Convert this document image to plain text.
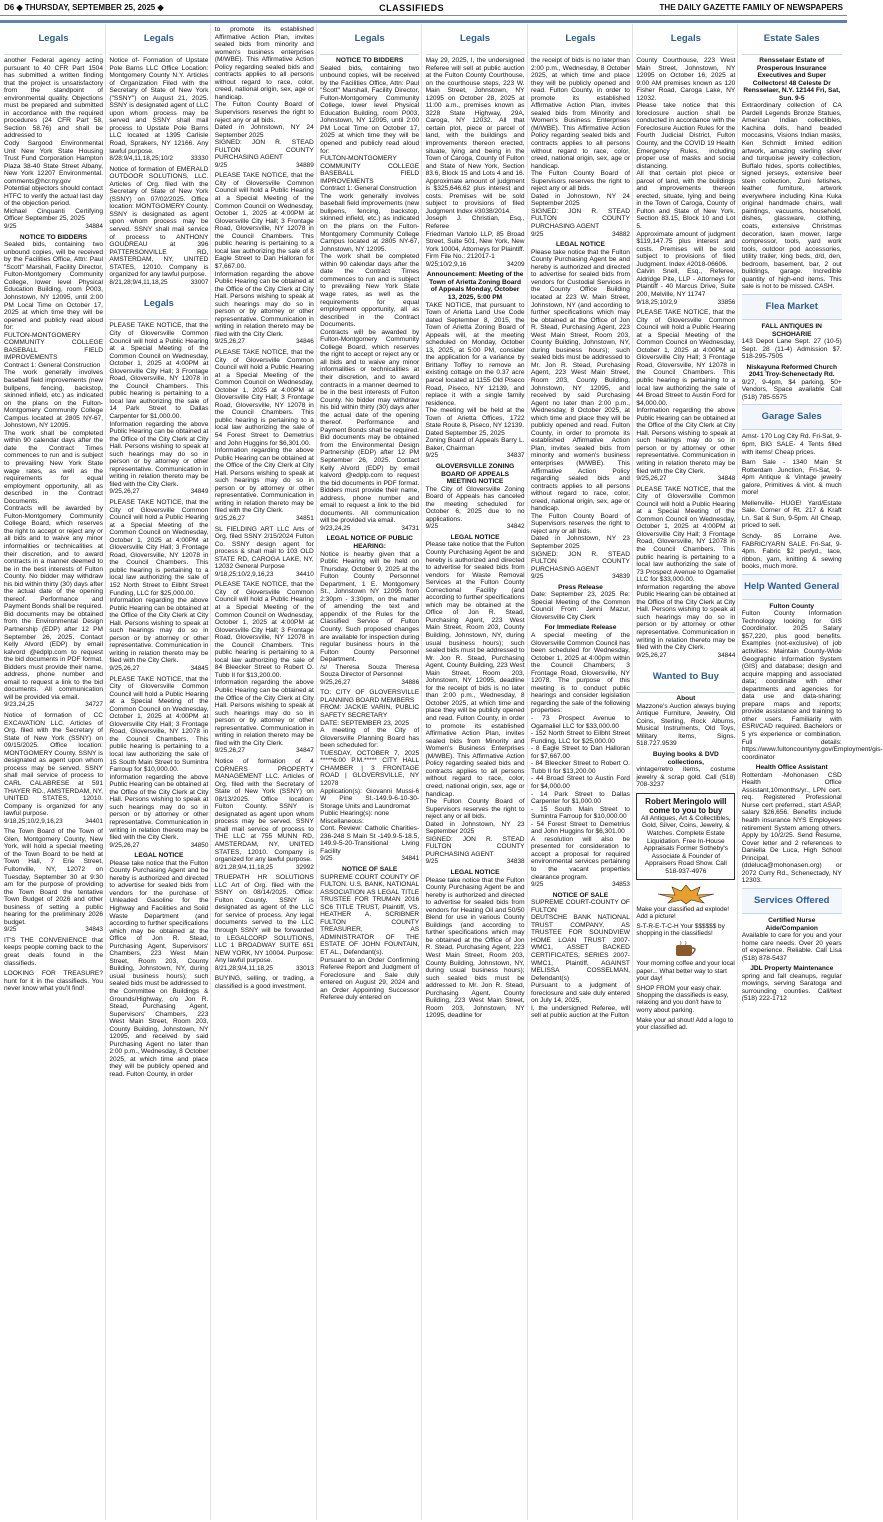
D6 ◆ THURSDAY, SEPTEMBER 25, 2025 ◆	CLASSIFIEDS	THE DAILY GAZETTE FAMILY OF NEWSPAPERS
Legals
another Federal agency acting pursuant to 40 CFR Part 1504 has submitted a written finding that the project is unsatisfactory from the standpoint of environmental quality. Objections must be prepared and submitted in accordance with the required procedures (24 CFR Part 58, Section 58.76) and shall be addressed to
Cody Sargood Environmental Unit New York State Housing Trust Fund Corporation Hampton Plaza 38-40 State Street Albany, New York 12207 Environmental. comments@hcr.ny.gov
Potential objectors should contact HTFC to verify the actual last day of the objection period.
Michael Cinquanti Certifying Officer September 25, 2025
9/25	34884
NOTICE TO BIDDERS
Sealed bids, containing two unbound copies, will be received by the Facilities Office, Attn: Paul "Scott" Marshall, Facility Director, Fulton-Montgomery Community College, lower level Physical Education Building, room P003, Johnstown, NY 12095, until 2:00 PM Local Time on October 17, 2025 at which time they will be opened and publicly read aloud for:
FULTON-MONTGOMERY COMMUNITY COLLEGE BASEBALL FIELD IMPROVEMENTS
Contract 1: General Construction
The work generally involves baseball field improvements (new bullpens, fencing, backstop, skinned infield, etc.) as indicated on the plans on the Fulton-Montgomery Community College Campus located at 2805 NY-67, Johnstown, NY 12095.
The work shall be completed within 90 calendar days after the date the Contract Times commences to run and is subject to prevailing New York State wage rates, as well as the requirements for equal employment opportunity, all as described in the Contract Documents.
Contracts will be awarded by Fulton-Montgomery Community College Board, which reserves the right to accept or reject any or all bids and to waive any minor informalities or technicalities at their discretion, and to award contracts in a manner deemed to be in the best interests of Fulton County. No bidder may withdraw his bid within thirty (30) days after the actual date of the opening thereof. Performance and Payment Bonds shall be required.
Bid documents may be obtained from the Environmental Design Partnership (EDP) after 12 PM September 26, 2025. Contact Kelly Alvord (EDP) by email kalvord @edplp.com to request the bid documents in PDF format. Bidders must provide their name, address, phone number and email to request a link to the bid documents. All communication will be provided via email.
9/23,24,25	34727
Notice of formation of CC EXCAVATION LLC. Articles of Org. filed with the Secretary of State of New York (SSNY) on 09/15/2025. Office location: MONTGOMERY County. SSNY is designated as agent upon whom process may be served. SSNY shall mail service of process to CARL CALABRESE at 591 THAYER RD., AMSTERDAM, NY, UNITED STATES, 12010. Company is organized for any lawful purpose.
9/18,25;10/2,9,16,23	34401
The Town Board of the Town of Glen, Montgomery County, New York, will hold a special meeting of the Town Board to be held at Town Hall, 7 Erie Street, Fultonville, NY, 12072 on Tuesday, September 30 at 9:30 am for the purpose of providing the Town Board the tentative Town Budget of 2026 and other business of setting a public hearing for the preliminary 2026 budget.
9/25	34843
IT'S THE CONVENIENCE that keeps people coming back to the great deals found in the classifieds.
LOOKING FOR TREASURE? hunt for it in the classifieds. You never know what you'll find!
Legals
Notice of- Formation of Upstate Pole Barns LLC Office Location: Montgomery County N.Y. Articles of Organization Filed with the Secretary of State of New York ("SSNY") on August 21, 2025. SSNY is designated agent of LLC upon whom process may be served and SSNY shall mail process to Upstate Pole Barns LLC located at 1395 Carlisle Road, Sprakers, NY 12166. Any lawful purpose.
8/28;9/4,11,18,25;10/2	33330
Notice of formation of EMERALD OUTDOOR SOLUTIONS, LLC. Articles of Org. filed with the Secretary of State of New York (SSNY) on 07/02/2025. Office location: MONTGOMERY County. SSNY is designated as agent upon whom process may be served. SSNY shall mail service of process to ANTHONY GOUDREAU at 396 PATTERSONVILLE RD, AMSTERDAM, NY, UNITED STATES, 12010. Company is organized for any lawful purpose.
8/21,28;9/4,11,18,25	33007
Legals
PLEASE TAKE NOTICE, that the City of Gloversville Common Council will hold a Public Hearing at a Special Meeting of the Common Council on Wednesday, October 1, 2025 at 4:00PM at Gloversville City Hall; 3 Frontage Road, Gloversville, NY 12078 in the Council Chambers. This public hearing is pertaining to a local law authorizing the sale of 14 Park Street to Dallas Carpenter for $1,000.00.
Information regarding the above Public Hearing can be obtained at the Office of the City Clerk at City Hall. Persons wishing to speak at such hearings may do so in person or by attorney or other representative. Communication in writing in relation thereto may be filed with the City Clerk.
9/25,26,27	34849
PLEASE TAKE NOTICE, that the City of Gloversville Common Council will hold a Public Hearing at a Special Meeting of the Common Council on Wednesday, October 1, 2025 at 4:00PM at Gloversville City Hall; 3 Frontage Road, Gloversville, NY 12078 in the Council Chambers. This public hearing is pertaining to a local law authorizing the sale of 152 North Street to Eilbht Street Funding, LLC for $25,000.00.
Information regarding the above Public Hearing can be obtained at the Office of the City Clerk at City Hall. Persons wishing to speak at such hearings may do so in person or by attorney or other representative. Communication in writing in relation thereto may be filed with the City Clerk.
9/25,26,27	34845
PLEASE TAKE NOTICE, that the City of Gloversville Common Council will hold a Public Hearing at a Special Meeting of the Common Council on Wednesday, October 1, 2025 at 4:00PM at Gloversville City Hall; 3 Frontage Road, Gloversville, NY 12078 in the Council Chambers. This public hearing is pertaining to a local law authorizing the sale of 15 South Main Street to Sumintra Farroup for $10,000.00.
Information regarding the above Public Hearing can be obtained at the Office of the City Clerk at City Hall. Persons wishing to speak at such hearings may do so in person or by attorney or other representative. Communication in writing in relation thereto may be filed with the City Clerk.
9/25,26,27	34850
LEGAL NOTICE
Please take notice that the Fulton County Purchasing Agent and be hereby is authorized and directed to advertise for sealed bids from vendors for the purchase of Unleaded Gasoline for the Highway and Facilities and Solid Waste Department (and according to further specifications which may be obtained at the Office of Jon R. Stead, Purchasing Agent, Supervisors' Chambers, 223 West Main Street, Room 203, County Building, Johnstown, NY, during usual business hours); such sealed bids must be addressed to the Committee on Buildings & Grounds/Highway, c/o Jon R. Stead, Purchasing Agent, Supervisors' Chambers, 223 West Main Street, Room 203, County Building, Johnstown, NY 12095, and received by said Purchasing Agent no later than 2:00 p.m., Wednesday, 8 October 2025, at which time and place they will be publicly opened and read. Fulton County, in order
to promote its established Affirmative Action Plan, invites sealed bids from minority and women's business enterprises (M/WBE). This Affirmative Action Policy regarding sealed bids and contracts applies to all persons without regard to race, color, creed, national origin, sex, age or handicap.
The Fulton County Board of Supervisors reserves the right to reject any or all bids.
Dated in Johnstown, NY 24 September 2025
SIGNED: JON R. STEAD FULTON COUNTY PURCHASING AGENT
9/25	34889
PLEASE TAKE NOTICE, that the City of Gloversville Common Council will hold a Public Hearing at a Special Meeting of the Common Council on Wednesday, October 1, 2025 at 4:00PM at Gloversville City Hall; 3 Frontage Road, Gloversville, NY 12078 in the Council Chambers. This public hearing is pertaining to a local law authorizing the sale of 8 Eagle Street to Dan Halloran for $7,667.00.
Information regarding the above Public Hearing can be obtained at the Office of the City Clerk at City Hall. Persons wishing to speak at such hearings may do so in person or by attorney or other representative. Communication in writing in relation thereto may be filed with the City Clerk.
9/25,26,27	34846
PLEASE TAKE NOTICE, that the City of Gloversville Common Council will hold a Public Hearing at a Special Meeting of the Common Council on Wednesday, October 1, 2025 at 4:00PM at Gloversville City Hall; 3 Frontage Road, Gloversville, NY 12078 in the Council Chambers. This public hearing is pertaining to a local law authorizing the sale of 54 Forest Street to Demetrius and John Huggins for $6,301.00.
Information regarding the above Public Hearing can be obtained at the Office of the City Clerk at City Hall. Persons wishing to speak at such hearings may do so in person or by attorney or other representative. Communication in writing in relation thereto may be filed with the City Clerk.
9/25,26,27	34851
SL FIELDING ART LLC Arts of Org. filed SSNY 2/15/2024 Fulton Co. SSNY design agent for process & shall mail to 103 OLD STATE RD, CAROGA LAKE, NY, 12032 General Purpose
9/18,25;10/2,9,16,23	34410
PLEASE TAKE NOTICE, that the City of Gloversville Common Council will hold a Public Hearing at a Special Meeting of the Common Council on Wednesday, October 1, 2025 at 4:00PM at Gloversville City Hall; 3 Frontage Road, Gloversville, NY 12078 in the Council Chambers. This public hearing is pertaining to a local law authorizing the sale of 84 Bleecker Street to Robert O. Tubb II for $13,200.00.
Information regarding the above Public Hearing can be obtained at the Office of the City Clerk at City Hall. Persons wishing to speak at such hearings may do so in person or by attorney or other representative. Communication in writing in relation thereto may be filed with the City Clerk.
9/25,26,27	34847
Notice of formation of 4 CORNERS PROPERTY MANAGEMENT LLC. Articles of Org. filed with the Secretary of State of New York (SSNY) on 08/13/2025. Office location: Fulton County. SSNY is designated as agent upon whom process may be served. SSNY shall mail service of process to THE LLC at 755 MUNN RD, AMSTERDAM, NY, UNITED STATES, 12010. Company is organized for any lawful purpose.
8/21,28;9/4,11,18,25	32992
TRUEPATH HR SOLUTIONS LLC Art of Org. filed with the SSNY on 08/14/2025. Office: Fulton County. SSNY is designated as agent of the LLC for service of process. Any legal documents served to the LLC through SSNY will be forwarded to LEGALCORP SOLUTIONS, LLC 1 BROADWAY SUITE 651 NEW YORK, NY 10004. Purpose: Any lawful purpose.
8/21,28;9/4,11,18,25	33013
BUYING, selling, or trading, a classified is a good investment.
Legals
NOTICE TO BIDDERS
Sealed bids, containing two unbound copies, will be received by the Facilities Office, Attn: Paul "Scott" Marshall, Facility Director, Fulton-Montgomery Community College, lower level Physical Education Building, room P003, Johnstown, NY 12095, until 2:00 PM Local Time on October 17, 2025 at which time they will be opened and publicly read aloud for:
FULTON-MONTGOMERY COMMUNITY COLLEGE BASEBALL FIELD IMPROVEMENTS
Contract 1: General Construction
The work generally involves baseball field improvements (new bullpens, fencing, backstop, skinned infield, etc.) as indicated on the plans on the Fulton-Montgomery Community College Campus located at 2805 NY-67, Johnstown, NY 12095.
The work shall be completed within 90 calendar days after the date the Contract Times commences to run and is subject to prevailing New York State wage rates, as well as the requirements for equal employment opportunity, all as described in the Contract Documents.
Contracts will be awarded by Fulton-Montgomery Community College Board, which reserves the right to accept or reject any or all bids and to waive any minor informalities or technicalities at their discretion, and to award contracts in a manner deemed to be in the best interests of Fulton County. No bidder may withdraw his bid within thirty (30) days after the actual date of the opening thereof. Performance and Payment Bonds shall be required.
Bid documents may be obtained from the Environmental Design Partnership (EDP) after 12 PM September 26, 2025. Contact Kelly Alvord (EDP) by email kalvord @edplp.com to request the bid documents in PDF format. Bidders must provide their name, address, phone number and email to request a link to the bid documents. All communication will be provided via email.
9/23,24,25	34731
LEGAL NOTICE OF PUBLIC HEARING:
Notice is hearby given that a Public Hearing will be held on Thursday, October 9, 2025 at the Fulton County Personnel Department, 1 E. Montgomery St., Johnstown NY 12095 from 2:30pm - 3:30pm, on the matter of amending the text and appendix of the Rules for the Classified Service of Fulton County. Such proposed changes are available for inspection during regular business hours in the Fulton County Personnel Department.
/s/ Theresa Souza Theresa Souza Director of Personnel
9/25,26,27	34886
TO: CITY OF GLOVERSVILLE PLANNING BOARD MEMBERS
FROM: JACKIE VARIN, PUBLIC SAFETY SECRETARY
DATE: SEPTEMBER 23, 2025
A meeting of the City of Gloversville Planning Board has been scheduled for:
TUESDAY, OCTOBER 7, 2025 *****6:00 P.M.***** CITY HALL CHAMBER | 3 FRONTAGE ROAD | GLOVERSVILLE, NY 12078
Application(s): Giovanni Mussi-6 W Pine St.-149.9-6-10-30-Storage Units and Laundromat
Public Hearing(s): none
Miscellaneous:
Cont. Review: Catholic Charities-236-248 S Main St -149.9-5-18.5, 149.9-5-20-Transitional Living Facility
9/25	34841
NOTICE OF SALE
SUPREME COURT COUNTY OF FULTON. U.S. BANK, NATIONAL ASSOCIATION AS LEGAL TITLE TRUSTEE FOR TRUMAN 2016 SC6 TITLE TRUST, Plaintiff, VS. HEATHER A. SCRIBNER FULTON COUNTY TREASURER, AS ADMINISTRATOR OF THE ESTATE OF JOHN FOUNTAIN, ET AL., Defendant(s).
Pursuant to an Order Confirming Referee Report and Judgment of Foreclosure and Sale duly entered on August 29, 2024 and an Order Appointing Successor Referee duly entered on
Legals
May 29, 2025, I, the undersigned Referee will sell at public auction at the Fulton County Courthouse, on the courthouse steps, 223 W. Main Street, Johnstown, NY 12095 on October 28, 2025 at 11:00 a.m., premises known as 3228 State Highway, 29A, Caroga, NY 12032. All that certain plot, piece or parcel of land, with the buildings and improvements thereon erected, situate, lying and being in the Town of Caroga, County of Fulton and State of New York, Section 83.6, Block 15 and Lots 4 and 16. Approximate amount of judgment is $325,646.62 plus interest and costs. Premises will be sold subject to provisions of filed Judgment Index #3038/2014.
Joseph J. Christian, Esq., Referee
Friedman Vartolo LLP, 85 Broad Street, Suite 501, New York, New York 10004, Attorneys for Plaintiff. Firm File No.: 212017-1
9/25;10/2,9,16	34209
Announcement: Meeting of the Town of Arietta Zoning Board of Appeals Monday, October 13, 2025, 5:00 PM
TAKE NOTICE, that pursuant to Town of Arietta Land Use Code dated September 8, 2015, the Town of Arietta Zoning Board of Appeals will, at the meeting scheduled on Monday, October 13, 2025, at 5:00 PM, consider the application for a variance by Brittany Toffey to remove an existing cottage on the 0.37 acre parcel located at 1155 Old Piseco Road, Piseco, NY 12139, and replace it with a single family residence.
The meeting will be held at the Town of Arietta Offices, 1722 State Route 8, Piseco, NY 12139.
Dated September 25, 2025
Zoning Board of Appeals Barry L. Baker, Chairman
9/25	34837
GLOVERSVILLE ZONING BOARD OF APPEALS MEETING NOTICE
The City of Gloversville Zoning Board of Appeals has canceled the meeting scheduled for October 6, 2025 due to no applications.
9/25	34842
LEGAL NOTICE
Please take notice that the Fulton County Purchasing Agent be and hereby is authorized and directed to advertise for sealed bids from vendors for Waste Removal Services at the Fulton County Correctional Facility (and according to further specifications which may be obtained at the Office of Jon R. Stead, Purchasing Agent, 223 West Main Street, Room 203, County Building, Johnstown, NY, during usual business hours); such sealed bids must be addressed to Mr. Jon R. Stead, Purchasing Agent, County Building, 223 West Main Street, Room 203, Johnstown, NY 12095, deadline for the receipt of bids is no later than 2:00 p.m., Wednesday, 8 October 2025, at which time and place they will be publicly opened and read. Fulton County, in order to promote its established Affirmative Action Plan, invites sealed bids from Minority and Women's Business Enterprises (M/WBE). This Affirmative Action Policy regarding sealed bids and contracts applies to all persons without regard to race, color, creed, national origin, sex, age or handicap.
The Fulton County Board of Supervisors reserves the right to reject any or all bids.
Dated in Johnstown, NY 23 September 2025
SIGNED: JON R. STEAD FULTON COUNTY PURCHASING AGENT
9/25	34838
LEGAL NOTICE
Please take notice that the Fulton County Purchasing Agent be and hereby is authorized and directed to advertise for sealed bids from vendors for Heating Oil and 50/50 Blend for use in various County Buildings (and according to further specifications which may be obtained at the Office of Jon R. Stead, Purchasing Agent, 223 West Main Street, Room 203, County Building, Johnstown, NY, during usual business hours); such sealed bids must be addressed to Mr. Jon R. Stead, Purchasing Agent, County Building, 223 West Main Street, Room 203, Johnstown, NY 12095, deadline for
Legals
the receipt of bids is no later than 2:00 p.m., Wednesday, 8 October 2025, at which time and place they will be publicly opened and read. Fulton County, in order to promote its established Affirmative Action Plan, invites sealed bids from Minority and Women's Business Enterprises (M/WBE). This Affirmative Action Policy regarding sealed bids and contracts applies to all persons without regard to race, color, creed, national origin, sex, age or handicap.
The Fulton County Board of Supervisors reserves the right to reject any or all bids.
Dated in Johnstown, NY 24 September 2025
SIGNED: JON R. STEAD FULTON COUNTY PURCHASING AGENT
9/25	34882
LEGAL NOTICE
Please take notice that the Fulton County Purchasing Agent be and hereby is authorized and directed to advertise for sealed bids from vendors for Custodial Services in the County Office Building located at 223 W. Main Street, Johnstown, NY (and according to further specifications which may be obtained at the Office of Jon R. Stead, Purchasing Agent, 223 West Main Street, Room 203, County Building, Johnstown, NY, during business hours); such sealed bids must be addressed to Mr. Jon R. Stead, Purchasing Agent, 223 West Main Street, Room 203, County Building, Johnstown, NY 12095, and received by said Purchasing Agent no later than 2:00 p.m., Wednesday, 8 October 2025, at which time and place they will be publicly opened and read. Fulton County, in order to promote its established Affirmative Action Plan, invites sealed bids from minority and women's business enterprises (M/WBE). This Affirmative Action Policy regarding sealed bids and contracts applies to all persons without regard to race, color, creed, national origin, sex, age or handicap.
The Fulton County Board of Supervisors reserves the right to reject any or all bids.
Dated in Johnstown, NY 23 September 2025
SIGNED: JON R. STEAD FULTON COUNTY PURCHASING AGENT
9/25	34839
Press Release
Date: September 23, 2025 Re: Special Meeting of the Common Council From: Jenni Mazur, Gloversville City Clerk
For Immediate Release
A special meeting of the Gloversville Common Council has been scheduled for Wednesday, October 1, 2025 at 4:00pm within the Council Chambers; 3 Frontage Road, Gloversville, NY 12078. The purpose of this meeting is to conduct public hearings and consider legislation regarding the sale of the following properties:
- 73 Prospect Avenue to Ogamaliel LLC for $33,000.00
- 152 North Street to Eilbht Street Funding, LLC for $25,000.00
- 8 Eagle Street to Dan Halloran for $7,667.00
- 84 Bleecker Street to Robert O. Tubb II for $13,200.00
- 44 Broad Street to Austin Ford for $4,000.00
- 14 Park Street to Dallas Carpenter for $1,000.00
- 15 South Main Street to Sumintra Farroup for $10,000.00
- 54 Forest Street to Demetrius and John Huggins for $6,301.00
A resolution will also be presented for consideration to accept a proposal for required environmental services pertaining to the vacant properties clearance program.
9/25	34853
NOTICE OF SALE
SUPREME COURT-COUNTY OF FULTON
DEUTSCHE BANK NATIONAL TRUST COMPANY, AS TRUSTEE FOR SOUNDVIEW HOME LOAN TRUST 2007-WMC1, ASSET BACKED CERTIFICATES, SERIES 2007-WMC1, Plaintiff, AGAINST MELISSA COSSELMAN, Defendant(s)
Pursuant to a judgment of foreclosure and sale duly entered on July 14, 2025,
I, the undersigned Referee, will sell at public auction at the Fulton
Legals
County Courthouse, 223 West Main Street, Johnstown, NY 12095 on October 16, 2025 at 9:00 AM premises known as 120 Fisher Road, Caroga Lake, NY 12032.
Please take notice that this foreclosure auction shall be conducted in accordance with the Foreclosure Auction Rules for the Fourth Judicial District, Fulton County, and the COVID 19 Health Emergency Rules, including proper use of masks and social distancing.
All that certain plot piece or parcel of land, with the buildings and improvements thereon erected, situate, lying and being in the Town of Caroga, County of Fulton and State of New York. Section 83.15, Block 10 and Lot 5.
Approximate amount of judgment $119,147.75 plus interest and costs. Premises will be sold subject to provisions of filed Judgment. Index #2018-06606.
Calvin Snell, Esq., Referee, Aldridge Pite, LLP - Attorneys for Plaintiff - 40 Marcus Drive, Suite 200, Melville, NY 11747
9/18,25;10/2,9	33856
PLEASE TAKE NOTICE, that the City of Gloversville Common Council will hold a Public Hearing at a Special Meeting of the Common Council on Wednesday, October 1, 2025 at 4:00PM at Gloversville City Hall; 3 Frontage Road, Gloversville, NY 12078 in the Council Chambers. This public hearing is pertaining to a local law authorizing the sale of 44 Broad Street to Austin Ford for $4,000.00.
Information regarding the above Public Hearing can be obtained at the Office of the City Clerk at City Hall. Persons wishing to speak at such hearings may do so in person or by attorney or other representative. Communication in writing in relation thereto may be filed with the City Clerk.
9/25,26,27	34848
PLEASE TAKE NOTICE, that the City of Gloversville Common Council will hold a Public Hearing at a Special Meeting of the Common Council on Wednesday, October 1, 2025 at 4:00PM at Gloversville City Hall; 3 Frontage Road, Gloversville, NY 12078 in the Council Chambers. This public hearing is pertaining to a local law authorizing the sale of 73 Prospect Avenue to Ogamaliel LLC for $33,000.00.
Information regarding the above Public Hearing can be obtained at the Office of the City Clerk at City Hall. Persons wishing to speak at such hearings may do so in person or by attorney or other representative. Communication in writing in relation thereto may be filed with the City Clerk.
9/25,26,27	34844
Wanted to Buy
About
Mazzone's Auction always buying Antique Furniture, Jewelry, Old Coins, Sterling, Rock Albums, Musical Instruments, Old Toys, Military Items, Signs. 518.727.9539
Buying books & DVD collections,
vintage/retro items, costume jewelry & scrap gold. Call (518) 708-3237
Robert Meringolo will come to you to buy
All Antiques, Art & Collectibles, Gold, Silver, Coins, Jewelry, & Watches. Complete Estate Liquidation. Free In-House Appraisals Former Sotheby's Associate & Founder of Appraisers Road Show. Call 518-937-4976
Make your classified ad explode! Add a picture!
S-T-R-E-T-C-H Your $$$$$$ by shopping in the classifieds!
Your morning coffee and your local paper... What better way to start your day!
SHOP FROM your easy chair. Shopping the classifieds is easy, relaxing and you don't have to worry about parking.
Make your ad shout! Add a logo to your classified ad.
Estate Sales
Rensselaer Estate of Prosperous Insurance Executives and Super Collectors! 48 Celeste Dr Rensselaer, N.Y. 12144 Fri, Sat, Sun. 9-5
Extraordinary collection of CA Pardell Legends Bronze Statues, American Indian collectibles, Kachina dolls, hand beaded moccasins, Visions Indian masks, Ken Schmidt limited edition artwork, amazing sterling silver and turquoise jewelry collection, Buffalo hides, sports collectibles, signed jerseys, extensive beer stein collection, Zuni fetishes, leather furniture, artwork everywhere including Kina Kuka original handmade chairs, wall paintings, vacuums, household, dishes, glassware, clothing, coats, extensive Christmas decoration, lawn mower, large compressor, tools, yard work tools, outdoor pod accessories, utility trailer, king beds, d/d, den, bedroom, basement, bar, 2 out buildings, garage. Incredible quantity of high-end items. This sale is not to be missed. CASH.
Flea Market
FALL ANTIQUES IN SCHOHARIE
143 Depot Lane Sept. 27 (10-5) Sept. 28 (11-4) Admission $7. 518-295-7505
Niskayuna Reformed Church 2041 Troy-Schenectady Rd.
9/27, 9-4pm, $4 parking, 50+ Vendors, Space available Call (518) 785-5575
Garage Sales
Amst- 170 Log City Rd. Fri-Sat, 9-6pm, BIG SALE- 4 Tents filled with items! Cheap prices.
Barn Sale - 1340 Main St Rotterdam Junction, Fri-Sat, 9-4pm Antique & Vintage jewelry galore, Primitives & vint. & much more!
Mellenville- HUGE! Yard/Estate Sale. Corner of Rt. 217 & Kraft Ln. Sat & Sun, 9-5pm. All Cheap, priced to sell.
Schdy- 85 Lorraine Ave. FABRIC/YARN SALE. Fri-Sat, 9-4pm. Fabric $2 per/yd., lace, ribbon, yarn, knitting & sewing books, much more.
Help Wanted General
Fulton County
Fulton County Information Technology looking for GIS Coordinator. 2025 Salary $57,220, plus good benefits. Examples (not-exclusive) of job activities: Maintain County-Wide Geographic Information System (GIS) and database; design and acquire mapping and associated data; coordinate with other departments and agencies for data use and data-sharing; prepare maps and reports; provide assistance and training to other users. Familiarity with ESRI/CAD required. Bachelors or 5 yrs experience or combination. Full details: https://www.fultoncountyny.gov/Employment/gis-coordinator
Health Office Assistant
Rotterdam -Mohonasen CSD Health Office Assistant,10months/yr., LPN cert. req. Registered Professional Nurse cert preferred., start ASAP, salary $26,656. Benefits include health insurance NYS Employees retirement System among others. Apply by 10/2/25. Send Resume, Cover letter and 2 references to Daniella De Luca, High School Principal, (ddeluca@mohonasen.org) or 2072 Curry Rd., Schenectady, NY 12303.
Services Offered
Certified Nurse Aide/Companion
Available to care for you and your home care needs. Over 20 years of experience. Reliable. Call Lisa (518) 878-5437
JDL Property Maintenance
spring and fall cleanups, regular mowings, serving Saratoga and surrounding counties. Call/text (518) 222-1712
